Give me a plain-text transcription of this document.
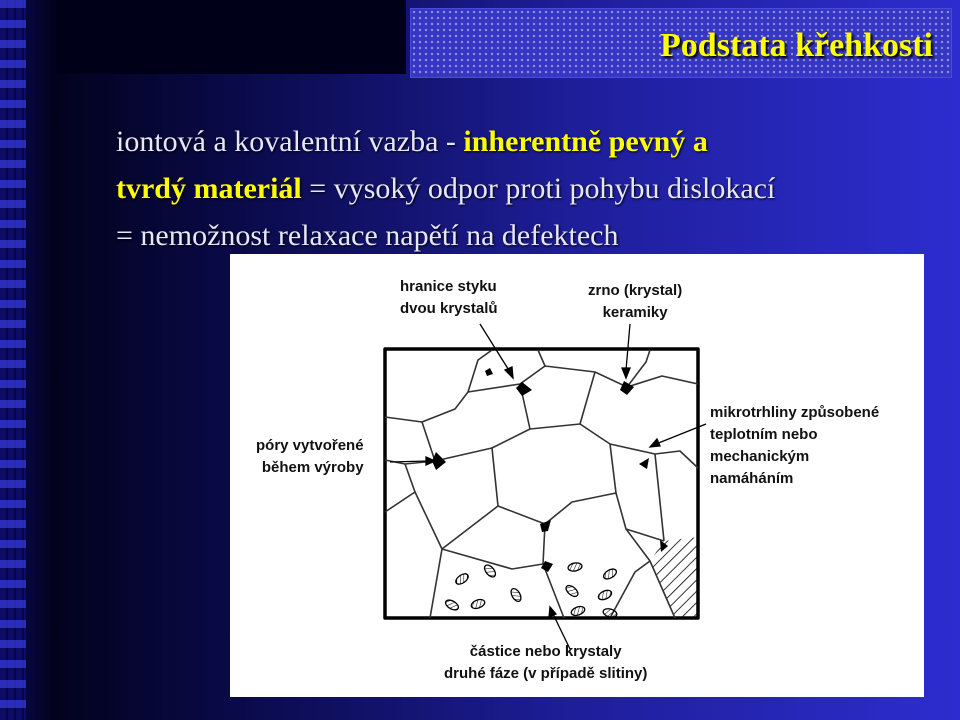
Podstata křehkosti
iontová a kovalentní vazba - inherentně pevný a
tvrdý materiál = vysoký odpor proti pohybu dislokací
= nemožnost relaxace napětí na defektech

hranice styku
dvou krystalů

zrno (krystal)
keramiky

mikrotrhliny způsobené
teplotním nebo
mechanickým
namáháním

póry vytvořené
během výroby

částice nebo krystaly
druhé fáze (v případě slitiny)
